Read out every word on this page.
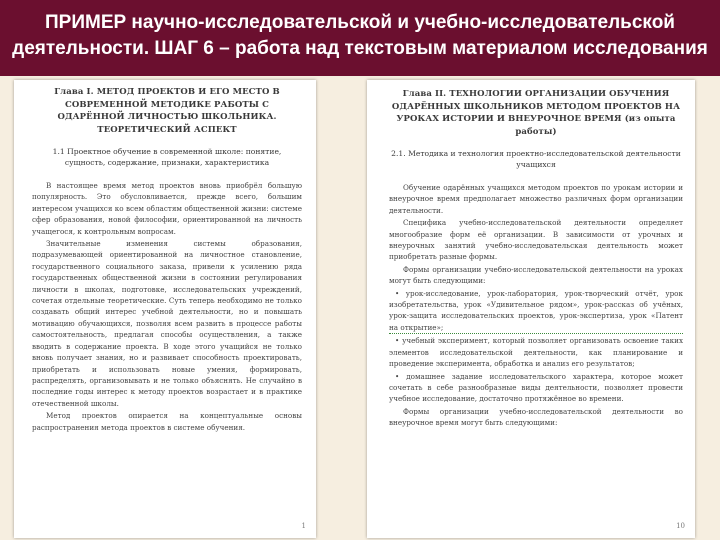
ПРИМЕР научно-исследовательской и учебно-исследовательской
деятельности. ШАГ 6 – работа над текстовым материалом исследования
Глава I. МЕТОД ПРОЕКТОВ И ЕГО МЕСТО В СОВРЕМЕННОЙ МЕТОДИКЕ РАБОТЫ С ОДАРЁННОЙ ЛИЧНОСТЬЮ ШКОЛЬНИКА. ТЕОРЕТИЧЕСКИЙ АСПЕКТ
1.1 Проектное обучение в современной школе: понятие, сущность, содержание, признаки, характеристика

В настоящее время метод проектов вновь приобрёл большую популярность. Это обусловливается, прежде всего, большим интересом учащихся ко всем областям общественной жизни: системе сфер образования, новой философии, ориентированной на личность учащегося, к контрольным вопросам.

Значительные изменения системы образования, подразумевающей ориентированной на личностное становление, государственного социального заказа, привели к усилению ряда государственных общественной жизни в состоянии регулирования личности в школах, подготовке, исследовательских учреждений, сочетая отдельные теоретические. Суть теперь необходимо не только создавать общий интерес учебной деятельности, но и повышать мотивацию обучающихся, позволяя всем развить в процессе работы самостоятельность, предлагая способы осуществления, а также вводить в содержание проекта. В ходе этого учащийся не только вновь получает знания, но и развивает способность проектировать, приобретать и использовать новые умения, формировать, распределять, организовывать и не только объяснять. Не случайно в последние годы интерес к методу проектов возрастает и в практике отечественной школы.

Метод проектов опирается на концептуальные основы распространения метода проектов в системе обучения.

1
Глава II. ТЕХНОЛОГИИ ОРГАНИЗАЦИИ ОБУЧЕНИЯ ОДАРЁННЫХ ШКОЛЬНИКОВ МЕТОДОМ ПРОЕКТОВ НА УРОКАХ ИСТОРИИ И ВНЕУРОЧНОЕ ВРЕМЯ (из опыта работы)
2.1. Методика и технология проектно-исследовательской деятельности учащихся

Обучение одарённых учащихся методом проектов по урокам истории и внеурочное время предполагает множество различных форм организации деятельности.

Специфика учебно-исследовательской деятельности определяет многообразие форм её организации. В зависимости от урочных и внеурочных занятий учебно-исследовательская деятельность может приобретать разные формы.

Формы организации учебно-исследовательской деятельности на уроках могут быть следующими:

• урок-исследование, урок-лаборатория, урок-творческий отчёт, урок изобретательства, урок «Удивительное рядом», урок-рассказ об учёных, урок-защита исследовательских проектов, урок-экспертиза, урок «Патент на открытие»;

• учебный эксперимент, который позволяет организовать освоение таких элементов исследовательской деятельности, как планирование и проведение эксперимента, обработка и анализ его результатов;

• домашнее задание исследовательского характера, которое может сочетать в себе разнообразные виды деятельности, позволяет провести учебное исследование, достаточно протяжённое во времени.

Формы организации учебно-исследовательской деятельности во внеурочное время могут быть следующими:

10
